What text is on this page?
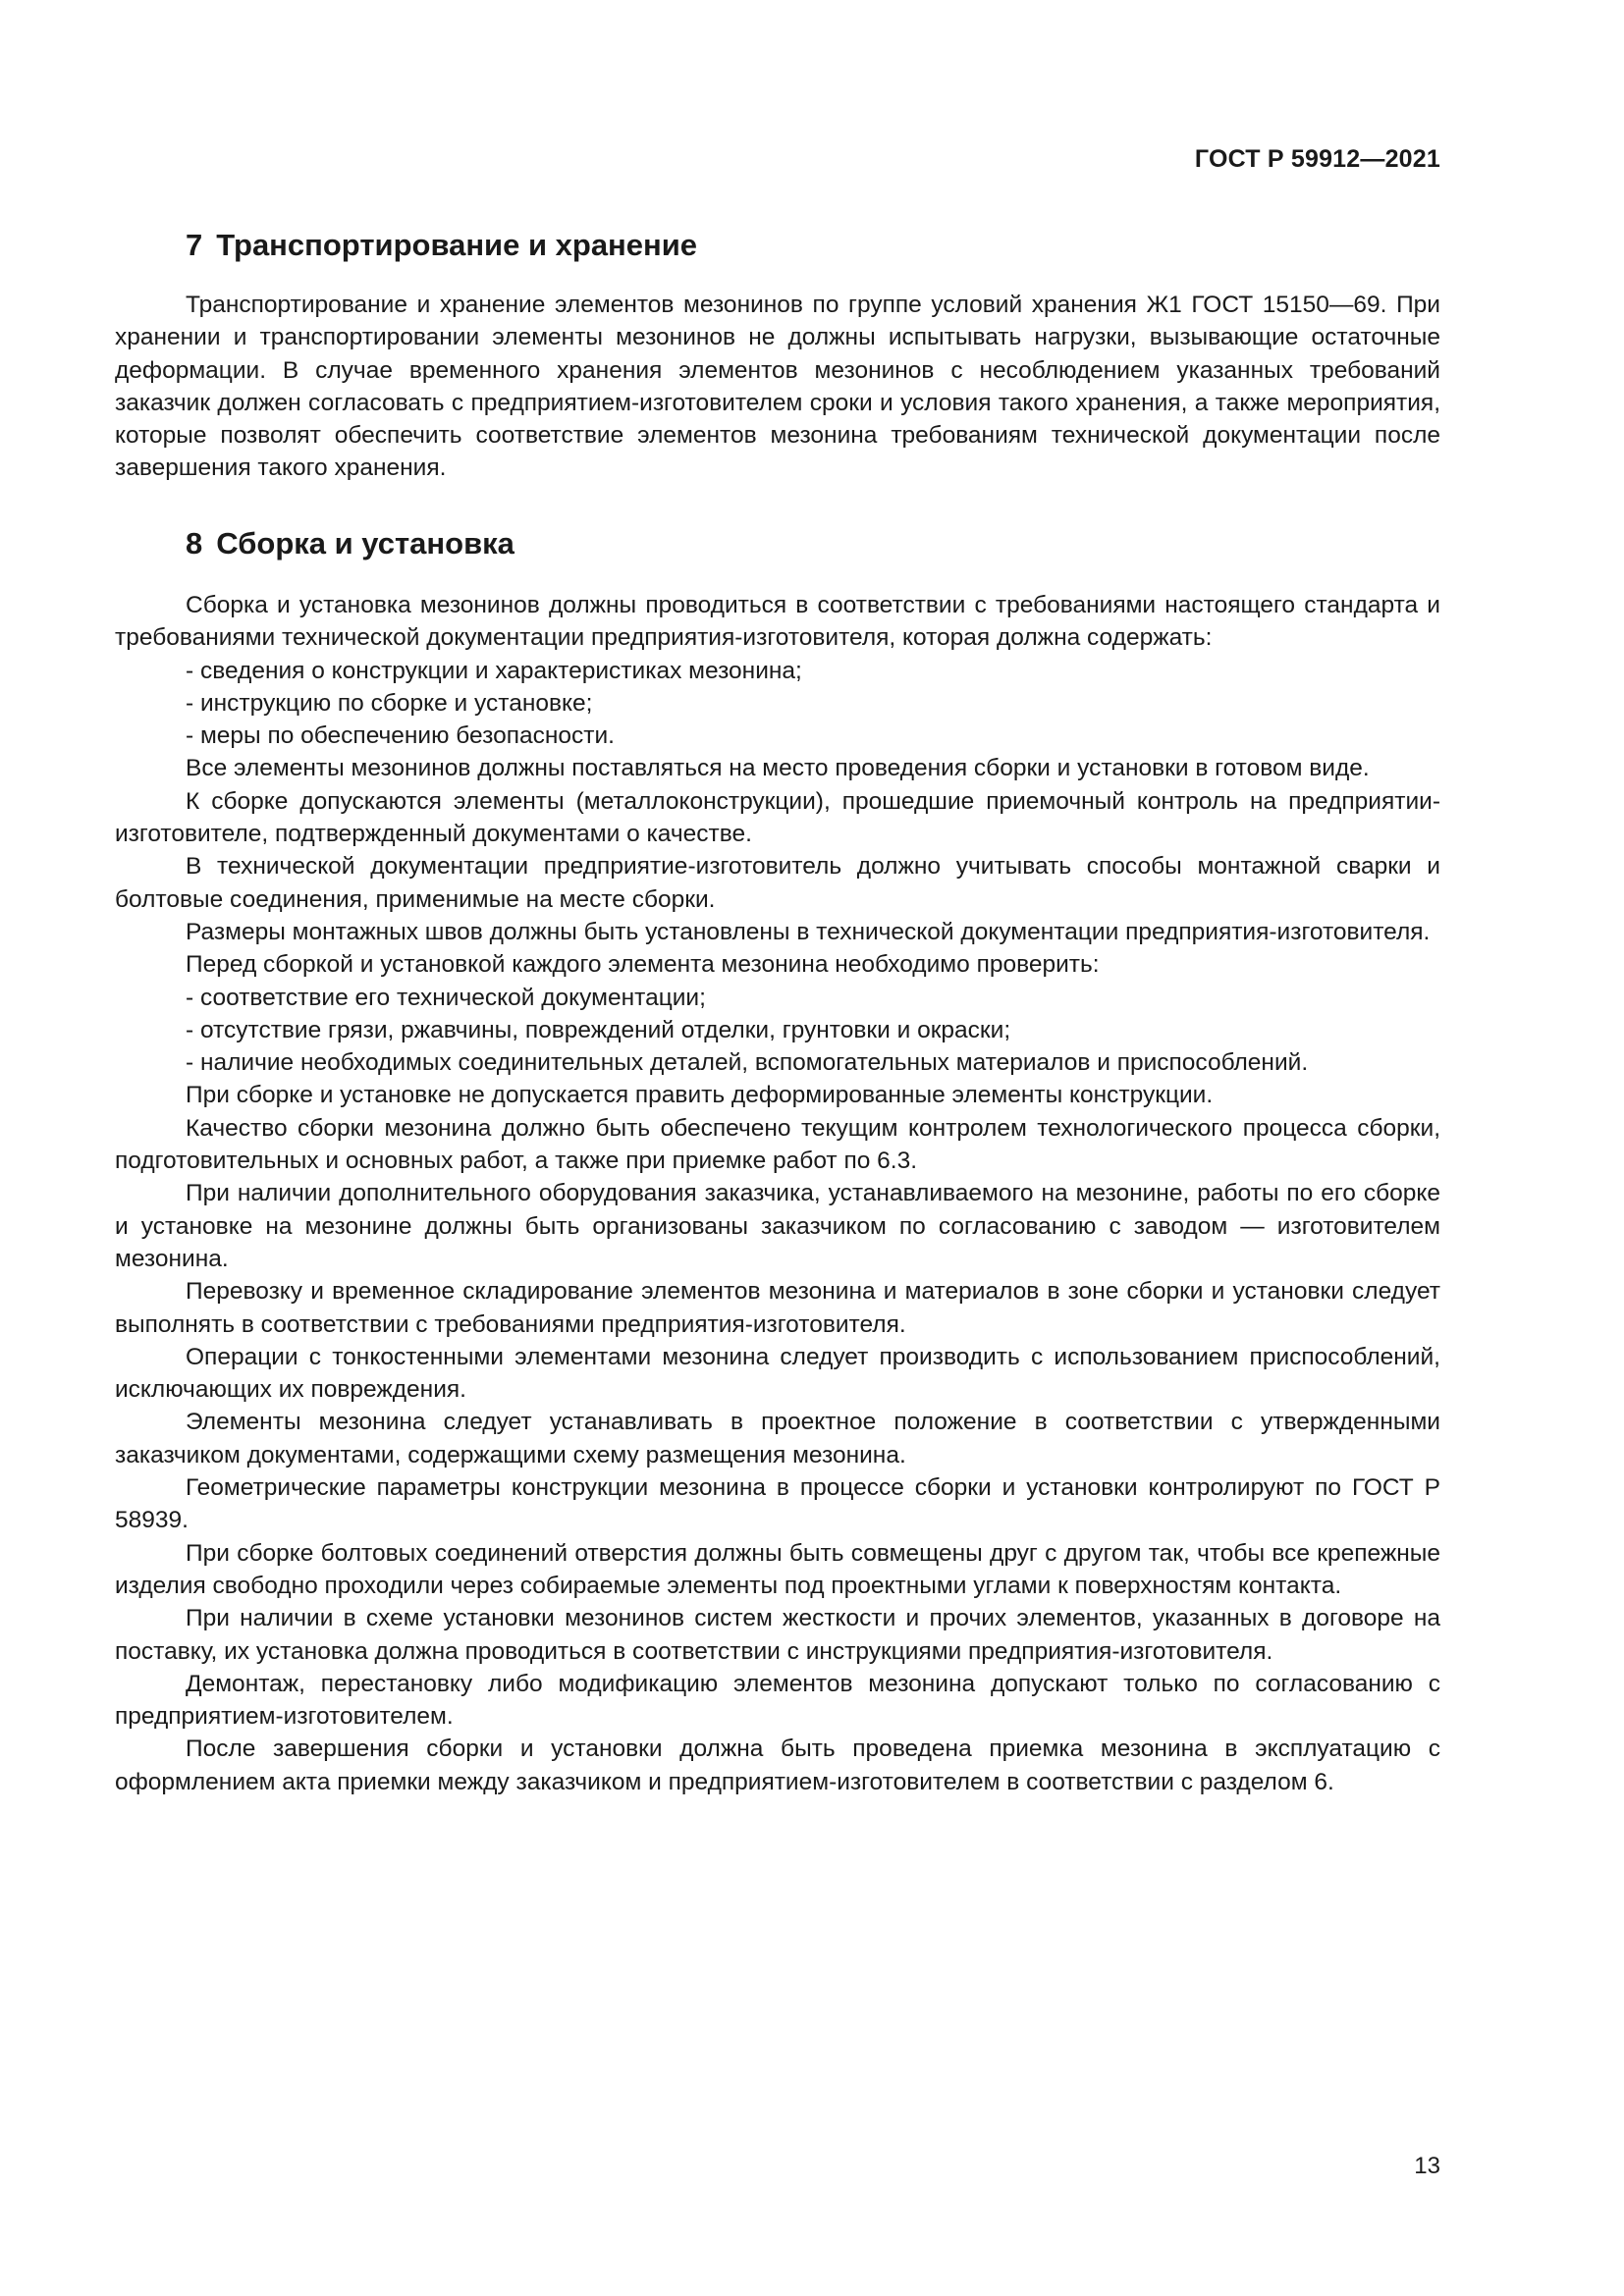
ГОСТ Р 59912—2021
7 Транспортирование и хранение

Транспортирование и хранение элементов мезонинов по группе условий хранения Ж1 ГОСТ 15150—69. При хранении и транспортировании элементы мезонинов не должны испытывать нагрузки, вызывающие остаточные деформации. В случае временного хранения элементов мезонинов с несоблюдением указанных требований заказчик должен согласовать с предприятием-изготовителем сроки и условия такого хранения, а также мероприятия, которые позволят обеспечить соответствие элементов мезонина требованиям технической документации после завершения такого хранения.

8 Сборка и установка

Сборка и установка мезонинов должны проводиться в соответствии с требованиями настоящего стандарта и требованиями технической документации предприятия-изготовителя, которая должна содержать:

- сведения о конструкции и характеристиках мезонина;

- инструкцию по сборке и установке;

- меры по обеспечению безопасности.

Все элементы мезонинов должны поставляться на место проведения сборки и установки в готовом виде.

К сборке допускаются элементы (металлоконструкции), прошедшие приемочный контроль на предприятии-изготовителе, подтвержденный документами о качестве.

В технической документации предприятие-изготовитель должно учитывать способы монтажной сварки и болтовые соединения, применимые на месте сборки.

Размеры монтажных швов должны быть установлены в технической документации предприятия-изготовителя.

Перед сборкой и установкой каждого элемента мезонина необходимо проверить:

- соответствие его технической документации;

- отсутствие грязи, ржавчины, повреждений отделки, грунтовки и окраски;

- наличие необходимых соединительных деталей, вспомогательных материалов и приспособлений.

При сборке и установке не допускается править деформированные элементы конструкции.

Качество сборки мезонина должно быть обеспечено текущим контролем технологического процесса сборки, подготовительных и основных работ, а также при приемке работ по 6.3.

При наличии дополнительного оборудования заказчика, устанавливаемого на мезонине, работы по его сборке и установке на мезонине должны быть организованы заказчиком по согласованию с заводом — изготовителем мезонина.

Перевозку и временное складирование элементов мезонина и материалов в зоне сборки и установки следует выполнять в соответствии с требованиями предприятия-изготовителя.

Операции с тонкостенными элементами мезонина следует производить с использованием приспособлений, исключающих их повреждения.

Элементы мезонина следует устанавливать в проектное положение в соответствии с утвержденными заказчиком документами, содержащими схему размещения мезонина.

Геометрические параметры конструкции мезонина в процессе сборки и установки контролируют по ГОСТ Р 58939.

При сборке болтовых соединений отверстия должны быть совмещены друг с другом так, чтобы все крепежные изделия свободно проходили через собираемые элементы под проектными углами к поверхностям контакта.

При наличии в схеме установки мезонинов систем жесткости и прочих элементов, указанных в договоре на поставку, их установка должна проводиться в соответствии с инструкциями предприятия-изготовителя.

Демонтаж, перестановку либо модификацию элементов мезонина допускают только по согласованию с предприятием-изготовителем.

После завершения сборки и установки должна быть проведена приемка мезонина в эксплуатацию с оформлением акта приемки между заказчиком и предприятием-изготовителем в соответствии с разделом 6.

13
